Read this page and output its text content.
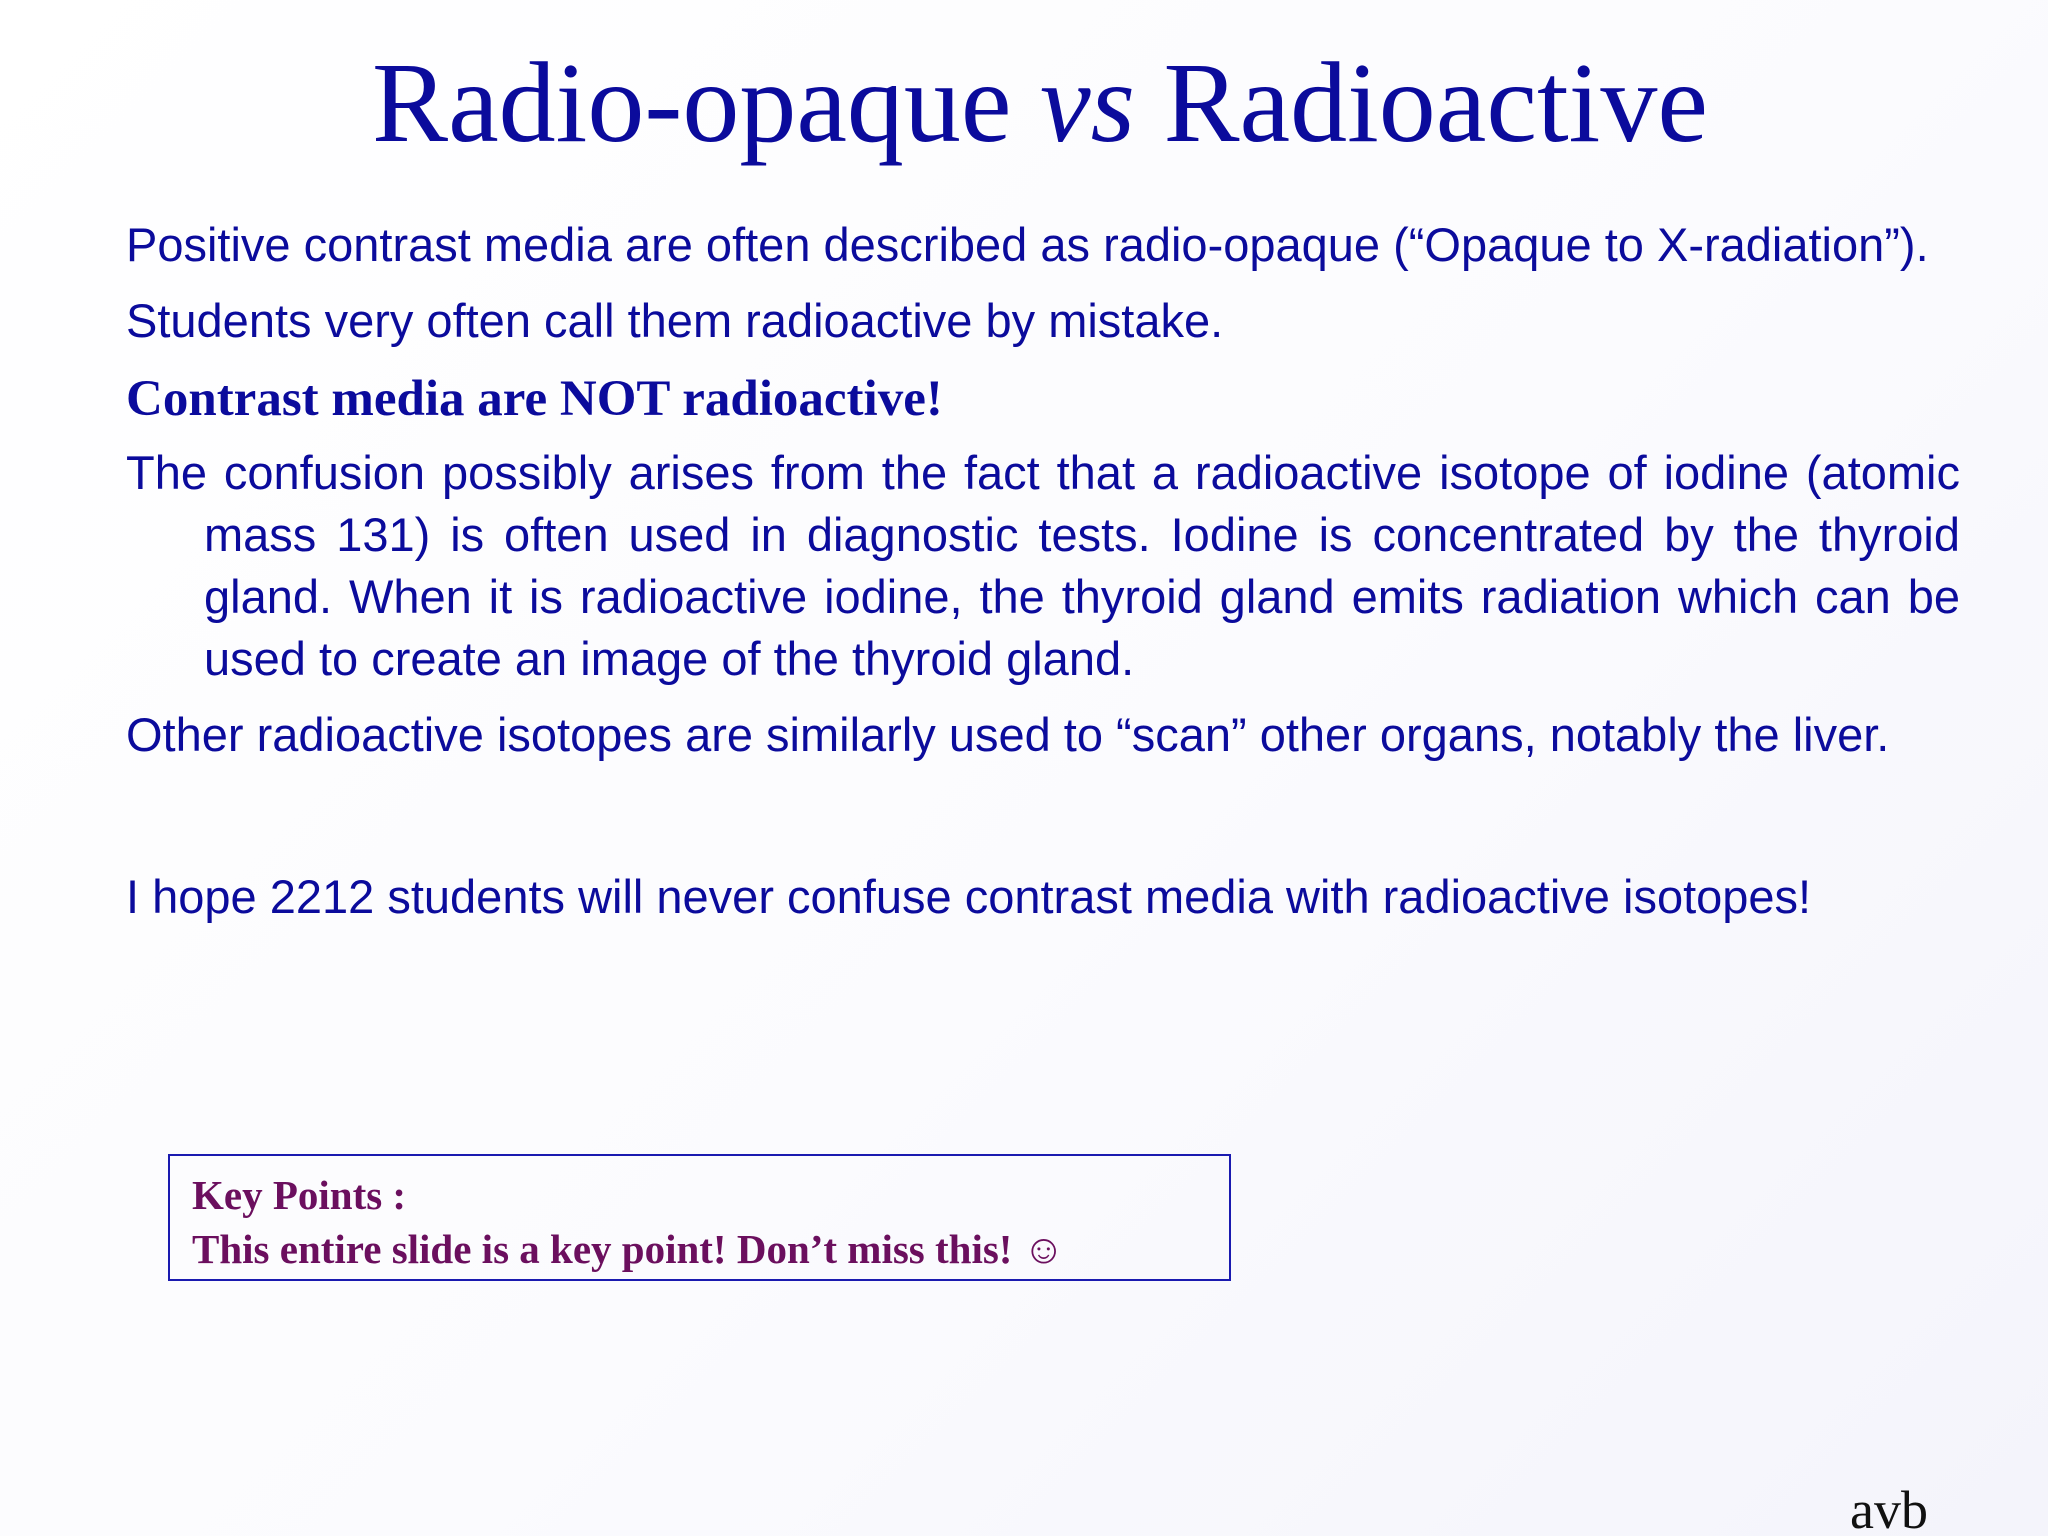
Radio-opaque vs Radioactive

Positive contrast media are often described as radio-opaque (“Opaque to X-radiation”).

Students very often call them radioactive by mistake.

Contrast media are NOT radioactive!

The confusion possibly arises from the fact that a radioactive isotope of iodine (atomic mass 131) is often used in diagnostic tests. Iodine is concentrated by the thyroid gland. When it is radioactive iodine, the thyroid gland emits radiation which can be used to create an image of the thyroid gland.

Other radioactive isotopes are similarly used to “scan” other organs, notably the liver.

I hope 2212 students will never confuse contrast media with radioactive isotopes!

Key Points :
This entire slide is a key point! Don’t miss this! ☺
avb
